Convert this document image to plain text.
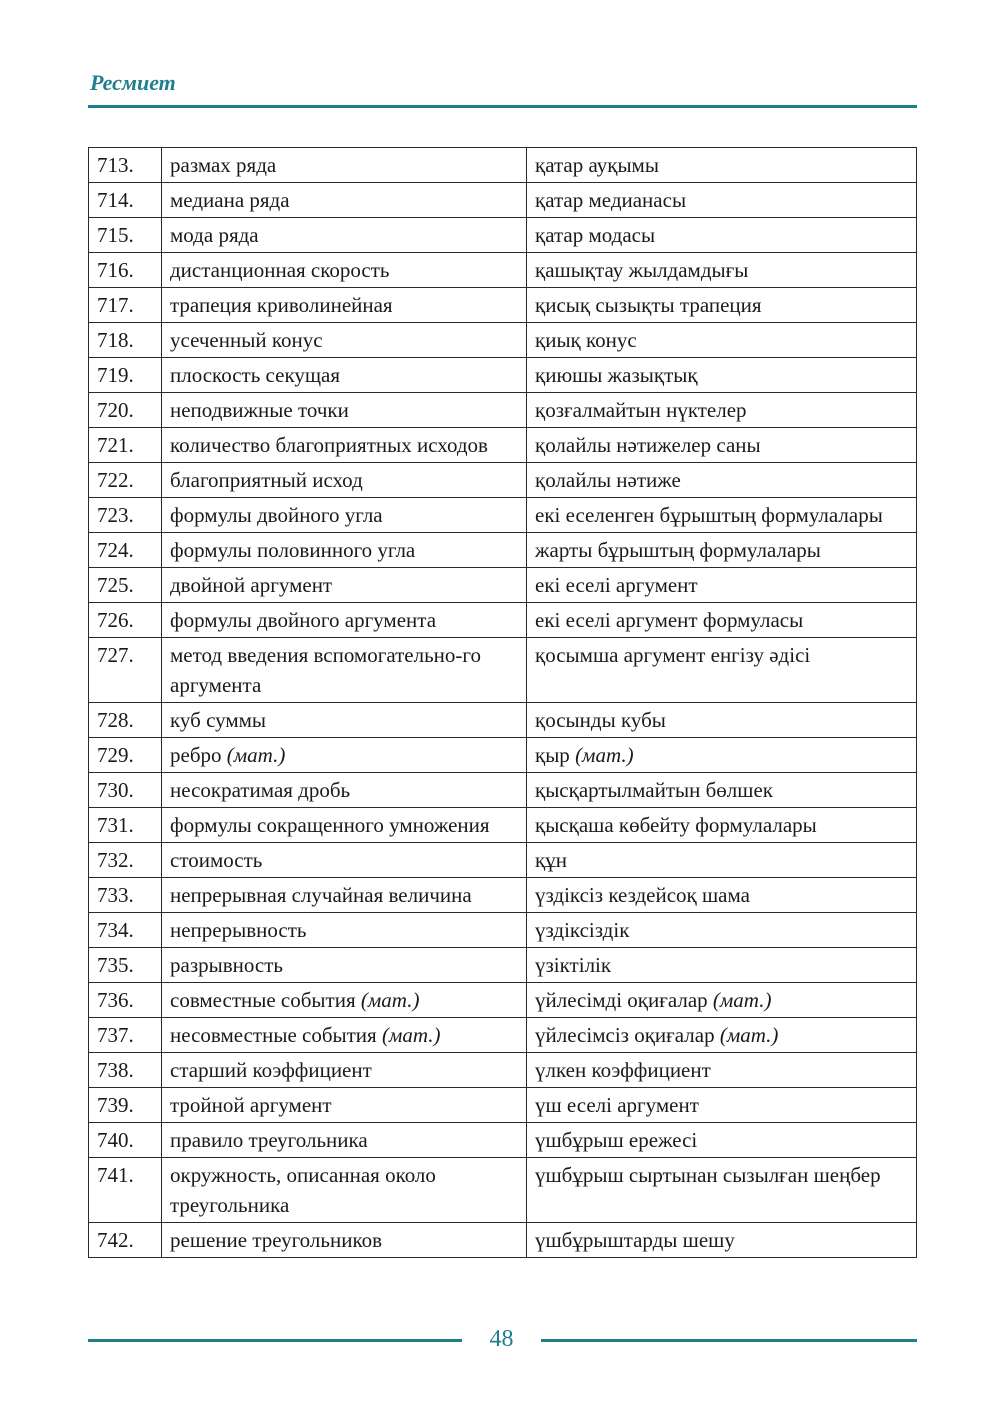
Ресмиет
713.	размах ряда	қатар ауқымы
714.	медиана ряда	қатар медианасы
715.	мода ряда	қатар модасы
716.	дистанционная скорость	қашықтау жылдамдығы
717.	трапеция криволинейная	қисық сызықты трапеция
718.	усеченный конус	қиық конус
719.	плоскость секущая	қиюшы жазықтық
720.	неподвижные точки	қозғалмайтын нүктелер
721.	количество благоприятных исходов	қолайлы нәтижелер саны
722.	благоприятный исход	қолайлы нәтиже
723.	формулы двойного угла	екі еселенген бұрыштың формулалары
724.	формулы половинного угла	жарты бұрыштың формулалары
725.	двойной аргумент	екі еселі аргумент
726.	формулы двойного аргумента	екі еселі аргумент формуласы
727.	метод введения вспомогательно-го аргумента	қосымша аргумент енгізу әдісі
728.	куб суммы	қосынды кубы
729.	ребро (мат.)	қыр (мат.)
730.	несократимая дробь	қысқартылмайтын бөлшек
731.	формулы сокращенного умножения	қысқаша көбейту формулалары
732.	стоимость	құн
733.	непрерывная случайная величина	үздіксіз кездейсоқ шама
734.	непрерывность	үздіксіздік
735.	разрывность	үзіктілік
736.	совместные события (мат.)	үйлесімді оқиғалар (мат.)
737.	несовместные события (мат.)	үйлесімсіз оқиғалар (мат.)
738.	старший коэффициент	үлкен коэффициент
739.	тройной аргумент	үш еселі аргумент
740.	правило треугольника	үшбұрыш ережесі
741.	окружность, описанная около треугольника	үшбұрыш сыртынан сызылған шеңбер
742.	решение треугольников	үшбұрыштарды шешу
48
